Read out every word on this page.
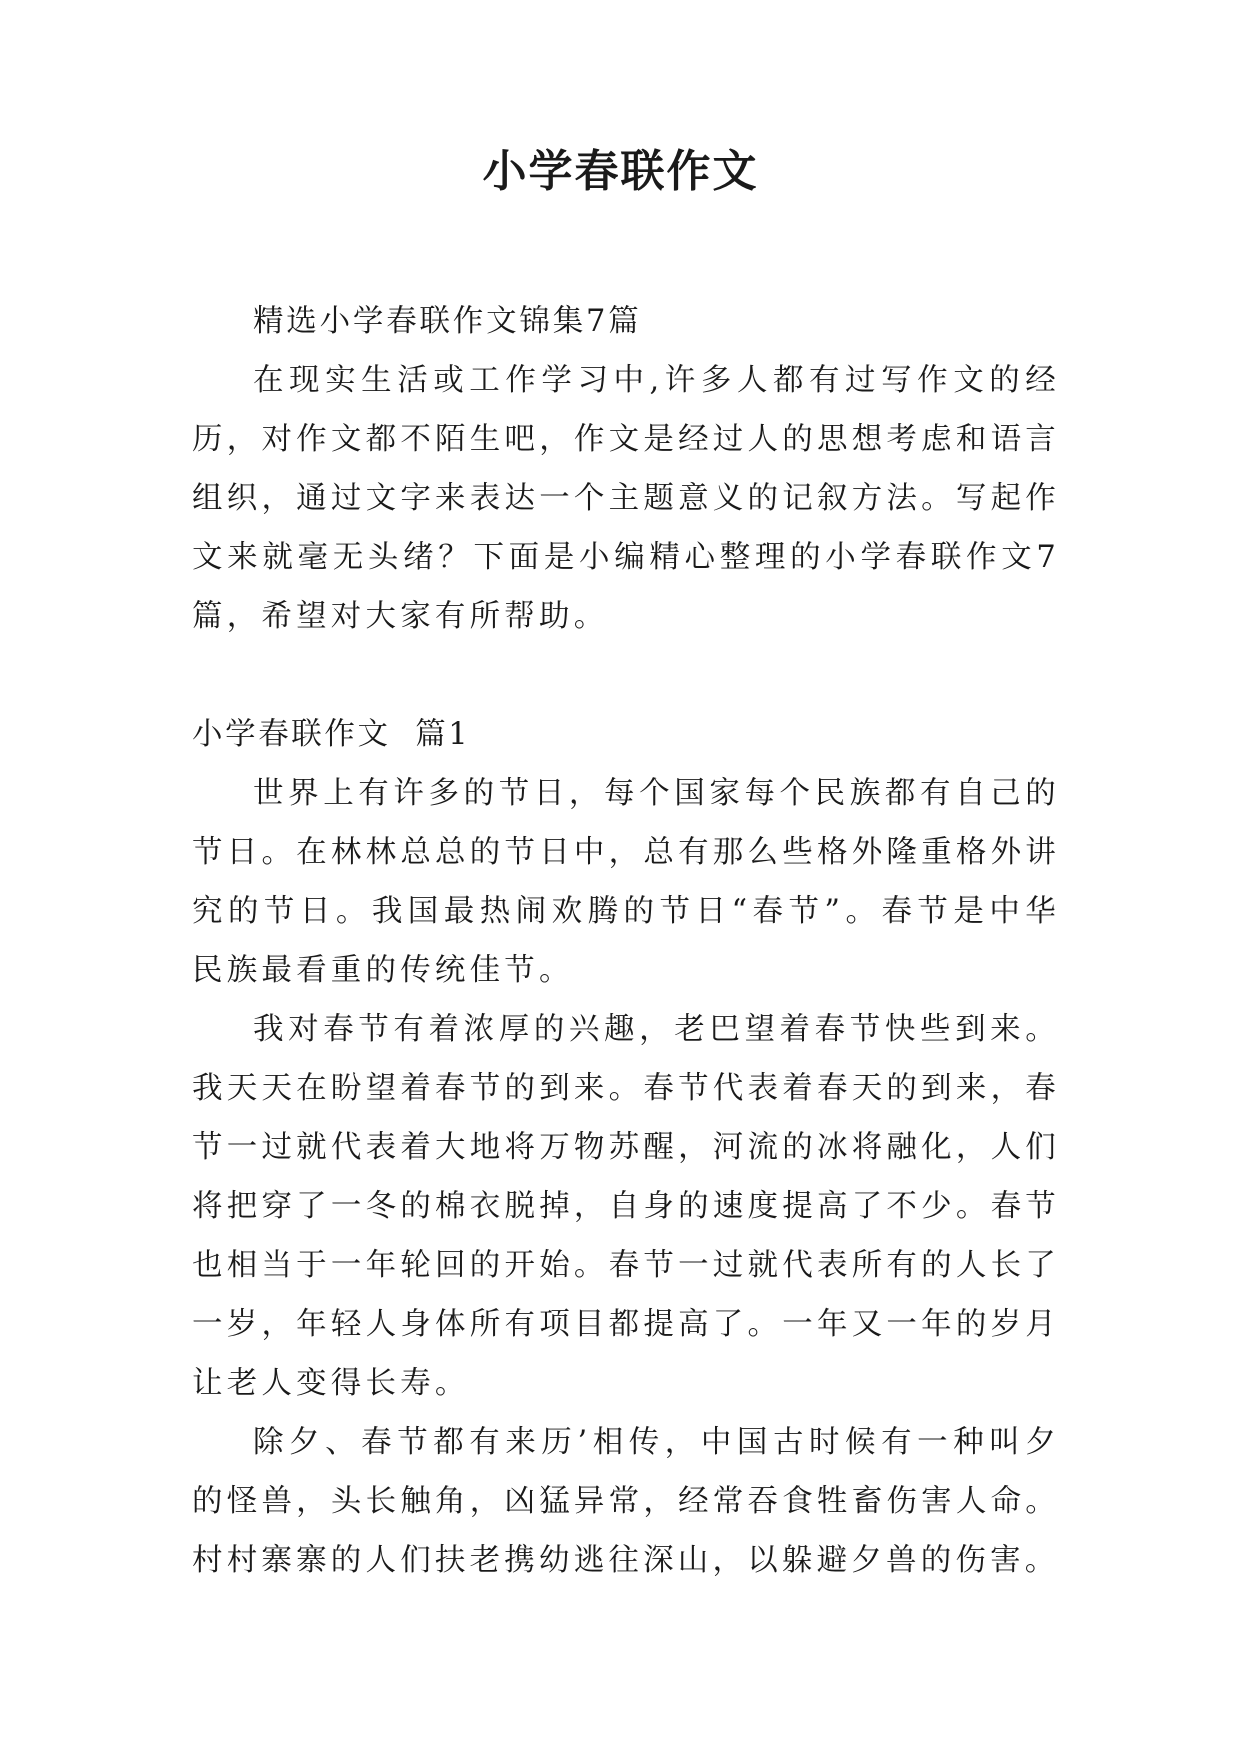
小学春联作文

精选小学春联作文锦集7篇

在现实生活或工作学习中,许多人都有过写作文的经历，对作文都不陌生吧，作文是经过人的思想考虑和语言组织，通过文字来表达一个主题意义的记叙方法。写起作文来就毫无头绪？下面是小编精心整理的小学春联作文7篇，希望对大家有所帮助。

小学春联作文  篇1

世界上有许多的节日，每个国家每个民族都有自己的节日。在林林总总的节日中，总有那么些格外隆重格外讲究的节日。我国最热闹欢腾的节日“春节”。春节是中华民族最看重的传统佳节。

我对春节有着浓厚的兴趣，老巴望着春节快些到来。我天天在盼望着春节的到来。春节代表着春天的到来，春节一过就代表着大地将万物苏醒，河流的冰将融化，人们将把穿了一冬的棉衣脱掉，自身的速度提高了不少。春节也相当于一年轮回的开始。春节一过就代表所有的人长了一岁，年轻人身体所有项目都提高了。一年又一年的岁月让老人变得长寿。

除夕、春节都有来历’相传，中国古时候有一种叫夕的怪兽，头长触角，凶猛异常，经常吞食牲畜伤害人命。村村寨寨的人们扶老携幼逃往深山，以躲避夕兽的伤害。
